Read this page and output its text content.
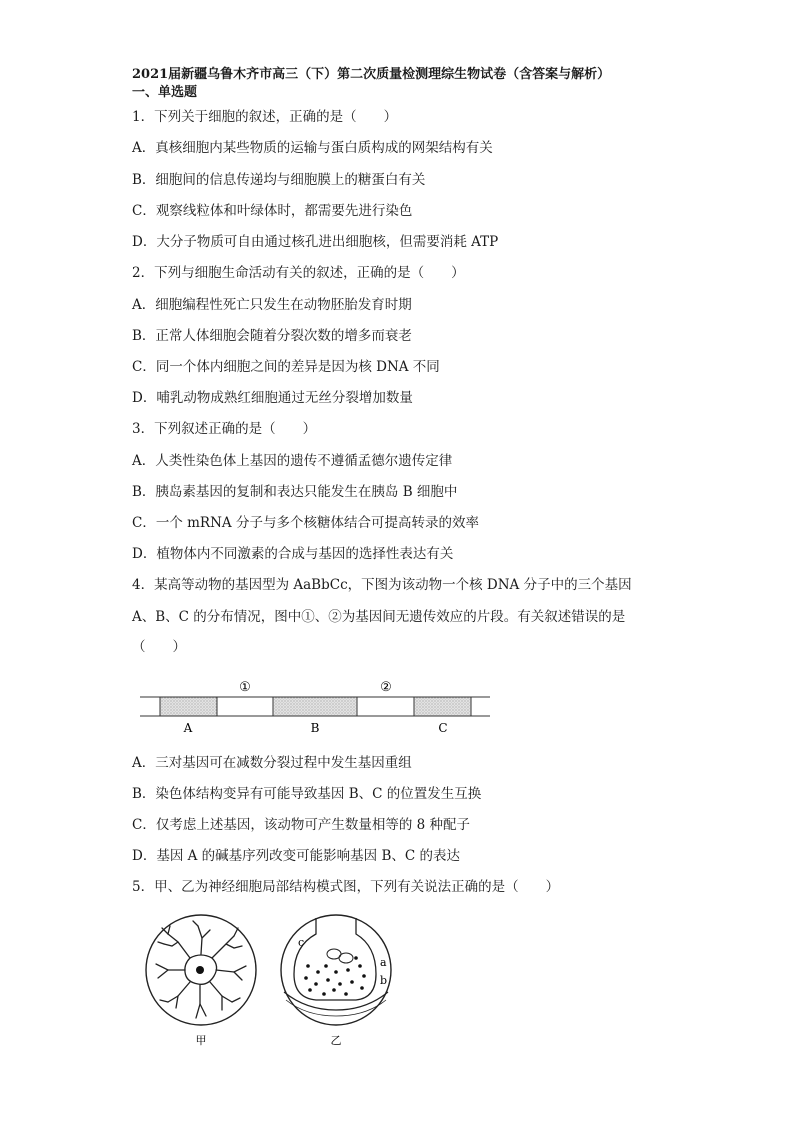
2021届新疆乌鲁木齐市高三（下）第二次质量检测理综生物试卷（含答案与解析）
一、单选题
1．下列关于细胞的叙述，正确的是（　　）
A．真核细胞内某些物质的运输与蛋白质构成的网架结构有关
B．细胞间的信息传递均与细胞膜上的糖蛋白有关
C．观察线粒体和叶绿体时，都需要先进行染色
D．大分子物质可自由通过核孔进出细胞核，但需要消耗 ATP
2．下列与细胞生命活动有关的叙述，正确的是（　　）
A．细胞编程性死亡只发生在动物胚胎发育时期
B．正常人体细胞会随着分裂次数的增多而衰老
C．同一个体内细胞之间的差异是因为核 DNA 不同
D．哺乳动物成熟红细胞通过无丝分裂增加数量
3．下列叙述正确的是（　　）
A．人类性染色体上基因的遗传不遵循孟德尔遗传定律
B．胰岛素基因的复制和表达只能发生在胰岛 B 细胞中
C．一个 mRNA 分子与多个核糖体结合可提高转录的效率
D．植物体内不同激素的合成与基因的选择性表达有关
4．某高等动物的基因型为 AaBbCc，下图为该动物一个核 DNA 分子中的三个基因
A、B、C 的分布情况，图中①、②为基因间无遗传效应的片段。有关叙述错误的是
（　　）
①	②
A	B	C
A．三对基因可在减数分裂过程中发生基因重组
B．染色体结构变异有可能导致基因 B、C 的位置发生互换
C．仅考虑上述基因，该动物可产生数量相等的 8 种配子
D．基因 A 的碱基序列改变可能影响基因 B、C 的表达
5．甲、乙为神经细胞局部结构模式图，下列有关说法正确的是（　　）
甲
c
a
b
乙
